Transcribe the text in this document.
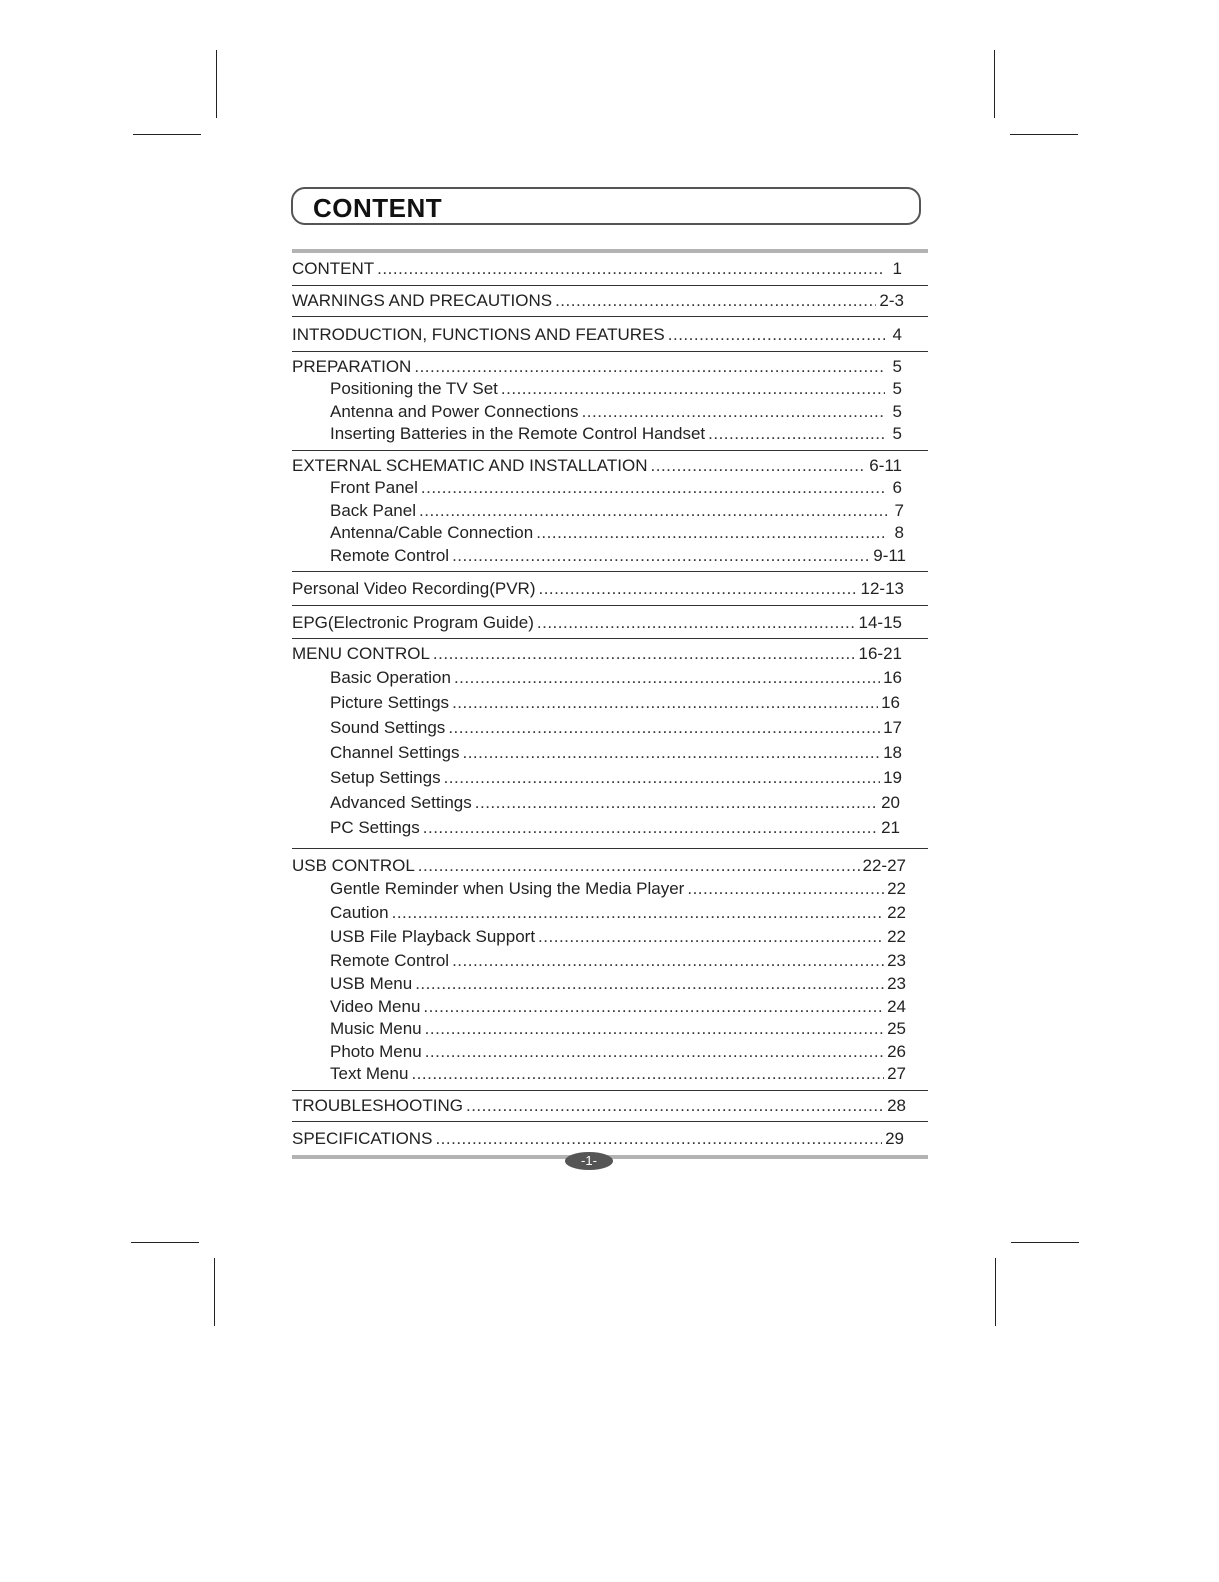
CONTENT
CONTENT .....	1
WARNINGS AND PRECAUTIONS .....	2-3
INTRODUCTION, FUNCTIONS AND FEATURES .....	4
PREPARATION .....	5
Positioning the TV Set .....	5
Antenna and Power Connections .....	5
Inserting Batteries in the Remote Control Handset .....	5
EXTERNAL SCHEMATIC AND INSTALLATION .....	6-11
Front Panel .....	6
Back Panel .....	7
Antenna/Cable Connection .....	8
Remote Control .....	9-11
Personal Video Recording(PVR) .....	12-13
EPG(Electronic Program Guide) .....	14-15
MENU CONTROL .....	16-21
Basic Operation .....	16
Picture Settings .....	16
Sound Settings .....	17
Channel Settings .....	18
Setup Settings .....	19
Advanced Settings .....	20
PC Settings .....	21
USB CONTROL .....	22-27
Gentle Reminder when Using the Media Player .....	22
Caution .....	22
USB File Playback Support .....	22
Remote Control .....	23
USB Menu .....	23
Video Menu .....	24
Music Menu .....	25
Photo Menu .....	26
Text Menu .....	27
TROUBLESHOOTING .....	28
SPECIFICATIONS .....	29
-1-
